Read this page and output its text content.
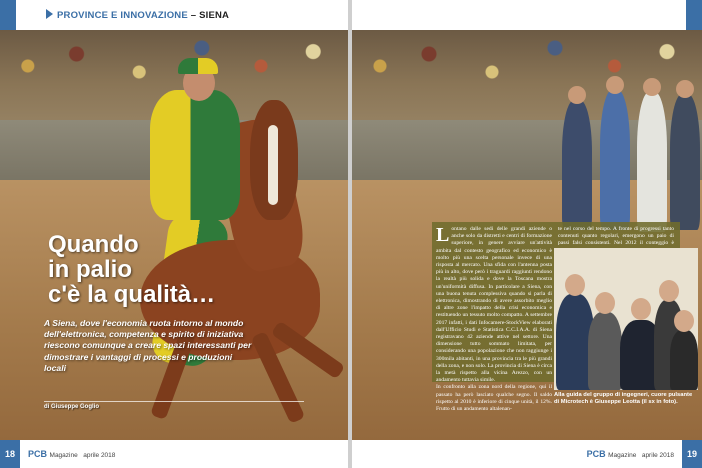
PROVINCE E INNOVAZIONE – SIENA
Quando
in palio
c'è la qualità…
A Siena, dove l'economia ruota intorno al mondo dell'elettronica, competenza e spirito di iniziativa riescono comunque a creare spazi interessanti per dimostrare i vantaggi di processi e produzioni locali
di Giuseppe Goglio
18	PCB Magazine aprile 2018

Lontano dalle sedi delle grandi aziende o anche solo da distretti e centri di formazione superiore, in genere avviare un'attività ambita dal contesto geografico ed economico è molto più una scelta personale invece di una risposta al mercato. Una sfida con l'antenna posta più in alto, dove però i traguardi raggiunti rendono la realtà più solida e dove la Toscana mostra un'uniformità diffusa. In particolare a Siena, con una buona tenuta complessiva quando si parla di elettronica, dimostrando di avere assorbito meglio di altre zone l'impatto della crisi economica e restituendo un tessuto molto compatto. A settembre 2017 infatti, i dati Infocamere-StockView elaborati dall'Ufficio Studi e Statistica C.C.I.A.A. di Siena registravano 42 aziende attive nel settore. Una dimensione tutto sommato limitata, per considerando una popolazione che non raggiunge i 300mila abitanti, in una provincia tra le più grandi della zona, e non solo. La provincia di Siena è circa la metà rispetto alla vicina Arezzo, con un andamento tuttavia simile.

In confronto alla zona nord della regione, qui il passato ha però lasciato qualche segno. Il saldo rispetto al 2010 è inferiore di cinque unità, il 12%. Frutto di un andamento altalenan-

te nel corso del tempo. A fronte di progressi tanto contenuti quanto regolari, emergono un paio di passi falsi consistenti. Nel 2012 il conteggio è

Alla guida del gruppo di ingegneri, cuore pulsante di Microtech è Giuseppe Leotta (il sx in foto).
PCB Magazine aprile 2018	19
